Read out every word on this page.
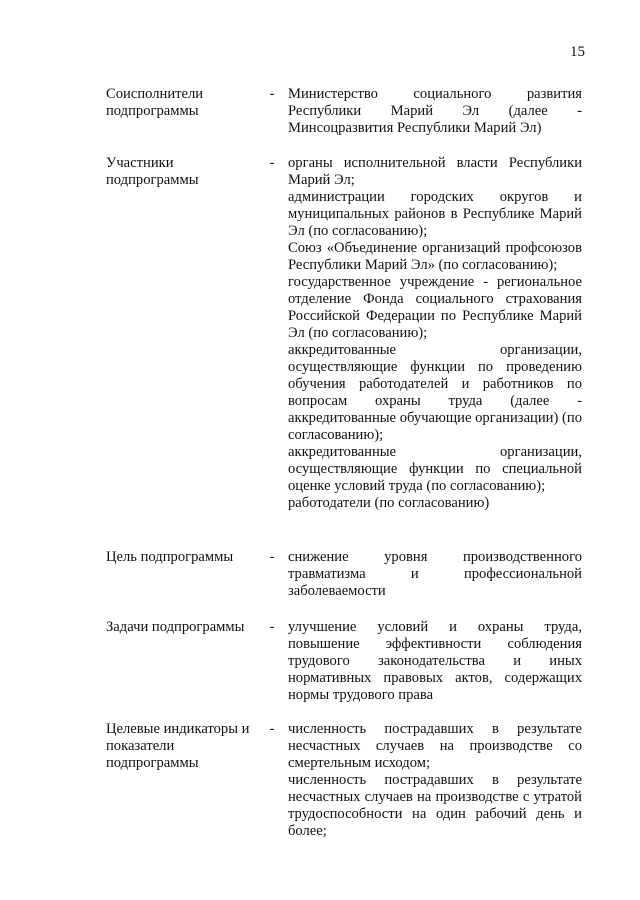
15
Соисполнители подпрограммы
- Министерство социального развития Республики Марий Эл (далее - Минсоцразвития Республики Марий Эл)

Участники подпрограммы
- органы исполнительной власти Республики Марий Эл;

администрации городских округов и муниципальных районов в Республике Марий Эл (по согласованию);

Союз «Объединение организаций профсоюзов Республики Марий Эл» (по согласованию);

государственное учреждение - региональное отделение Фонда социального страхования Российской Федерации по Республике Марий Эл (по согласованию);

аккредитованные организации, осуществляющие функции по проведению обучения работодателей и работников по вопросам охраны труда (далее - аккредитованные обучающие организации) (по согласованию);

аккредитованные организации, осуществляющие функции по специальной оценке условий труда (по согласованию);

работодатели (по согласованию)

Цель подпрограммы	- снижение уровня производственного травматизма и профессиональной заболеваемости

Задачи подпрограммы	- улучшение условий и охраны труда, повышение эффективности соблюдения трудового законодательства и иных нормативных правовых актов, содержащих нормы трудового права

Целевые индикаторы и показатели подпрограммы
- численность пострадавших в результате несчастных случаев на производстве со смертельным исходом;

численность пострадавших в результате несчастных случаев на производстве с утратой трудоспособности на один рабочий день и более;
